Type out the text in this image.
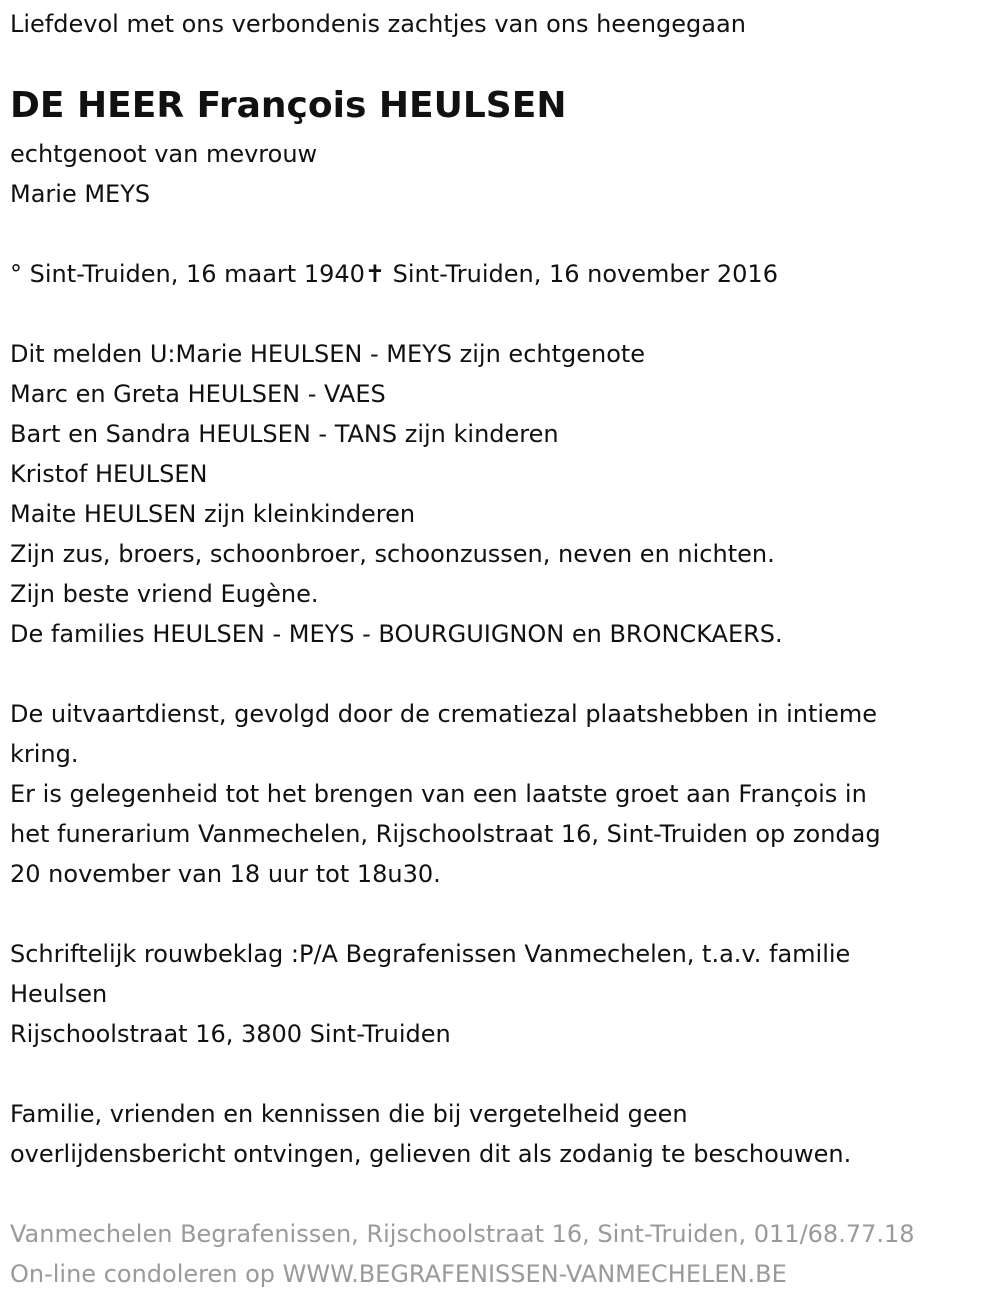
Liefdevol met ons verbondenis zachtjes van ons heengegaan

DE HEER François HEULSEN

echtgenoot van mevrouw

Marie MEYS

° Sint-Truiden, 16 maart 1940✝ Sint-Truiden, 16 november 2016

Dit melden U:Marie HEULSEN - MEYS zijn echtgenote

Marc en Greta HEULSEN - VAES

Bart en Sandra HEULSEN - TANS zijn kinderen

Kristof HEULSEN

Maite HEULSEN zijn kleinkinderen

Zijn zus, broers, schoonbroer, schoonzussen, neven en nichten.

Zijn beste vriend Eugène.

De families HEULSEN - MEYS - BOURGUIGNON en BRONCKAERS.

De uitvaartdienst, gevolgd door de crematiezal plaatshebben in intieme

kring.

Er is gelegenheid tot het brengen van een laatste groet aan François in

het funerarium Vanmechelen, Rijschoolstraat 16, Sint-Truiden op zondag

20 november van 18 uur tot 18u30.

Schriftelijk rouwbeklag :P/A Begrafenissen Vanmechelen, t.a.v. familie

Heulsen

Rijschoolstraat 16, 3800 Sint-Truiden

Familie, vrienden en kennissen die bij vergetelheid geen

overlijdensbericht ontvingen, gelieven dit als zodanig te beschouwen.

Vanmechelen Begrafenissen, Rijschoolstraat 16, Sint-Truiden, 011/68.77.18

On-line condoleren op WWW.BEGRAFENISSEN-VANMECHELEN.BE
